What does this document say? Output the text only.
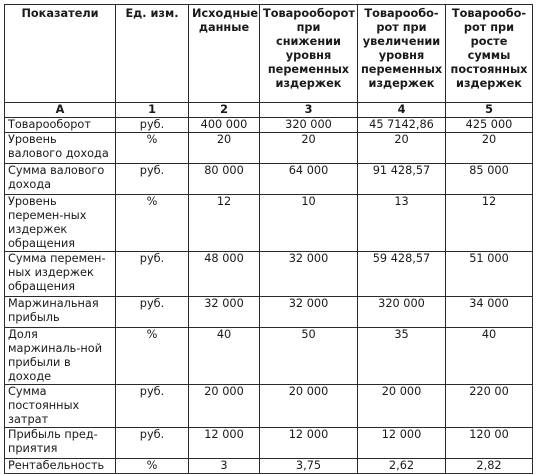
Показатели	Ед. изм.	Исходные данные	Товарооборот при снижении уровня переменных издержек	Товарообо-рот при увеличении уровня переменных издержек	Товарообо-рот при росте суммы постоянных издержек
А	1	2	3	4	5
Товарооборот	руб.	400 000	320 000	45 7142,86	425 000
Уровень валового дохода	%	20	20	20	20
Сумма валового дохода	руб.	80 000	64 000	91 428,57	85 000
Уровень перемен-ных издержек обращения	%	12	10	13	12
Сумма перемен-ных издержек обращения	руб.	48 000	32 000	59 428,57	51 000
Маржинальная прибыль	руб.	32 000	32 000	320 000	34 000
Доля маржиналь-ной прибыли в доходе	%	40	50	35	40
Сумма постоянных затрат	руб.	20 000	20 000	20 000	220 00
Прибыль пред-приятия	руб.	12 000	12 000	12 000	120 00
Рентабельность	%	3	3,75	2,62	2,82
